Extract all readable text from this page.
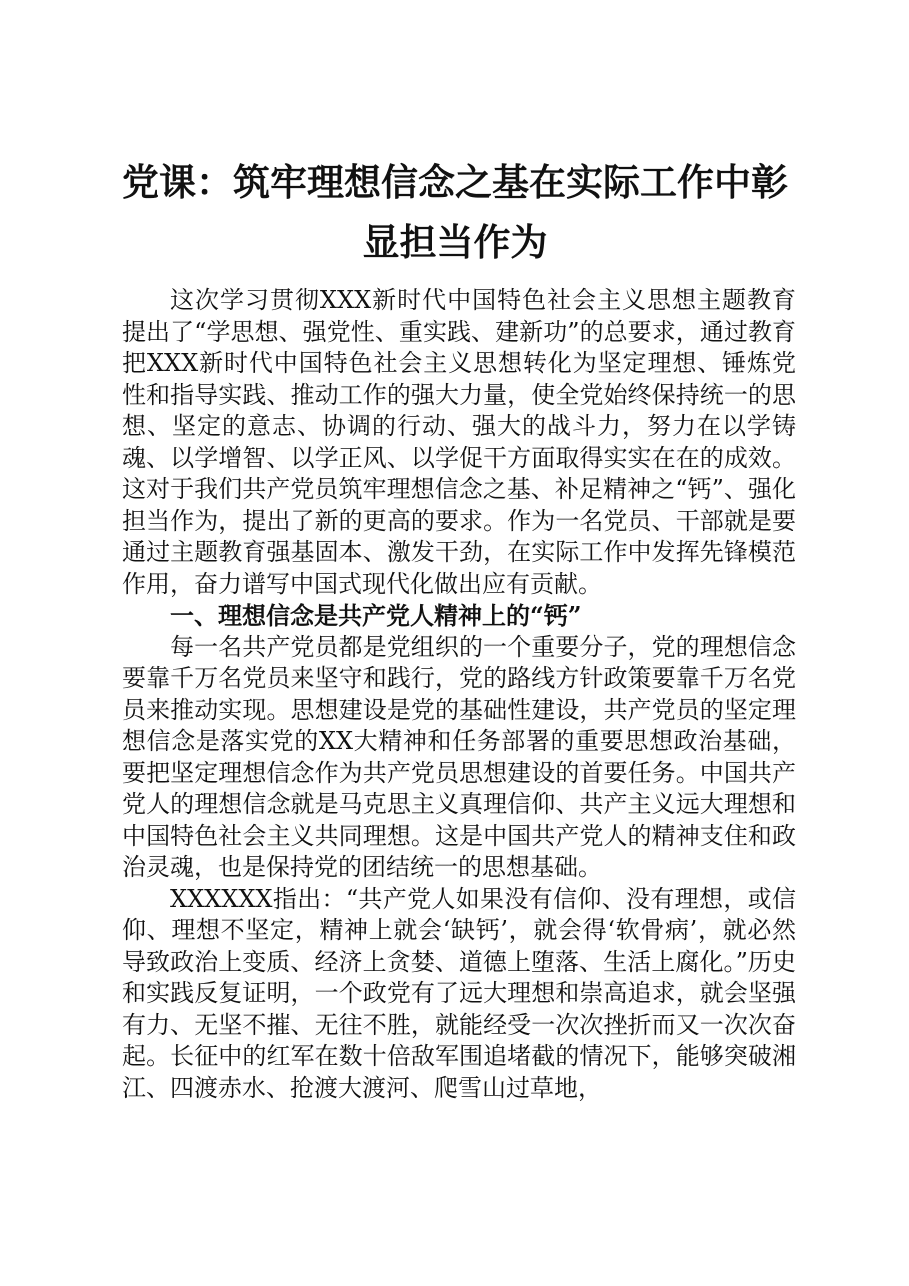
党课：筑牢理想信念之基在实际工作中彰显担当作为

这次学习贯彻XXX新时代中国特色社会主义思想主题教育提出了“学思想、强党性、重实践、建新功”的总要求，通过教育把XXX新时代中国特色社会主义思想转化为坚定理想、锤炼党性和指导实践、推动工作的强大力量，使全党始终保持统一的思想、坚定的意志、协调的行动、强大的战斗力，努力在以学铸魂、以学增智、以学正风、以学促干方面取得实实在在的成效。这对于我们共产党员筑牢理想信念之基、补足精神之“钙”、强化担当作为，提出了新的更高的要求。作为一名党员、干部就是要通过主题教育强基固本、激发干劲，在实际工作中发挥先锋模范作用，奋力谱写中国式现代化做出应有贡献。

一、理想信念是共产党人精神上的“钙”

每一名共产党员都是党组织的一个重要分子，党的理想信念要靠千万名党员来坚守和践行，党的路线方针政策要靠千万名党员来推动实现。思想建设是党的基础性建设，共产党员的坚定理想信念是落实党的XX大精神和任务部署的重要思想政治基础，要把坚定理想信念作为共产党员思想建设的首要任务。中国共产党人的理想信念就是马克思主义真理信仰、共产主义远大理想和中国特色社会主义共同理想。这是中国共产党人的精神支住和政治灵魂，也是保持党的团结统一的思想基础。

XXXXXX指出：“共产党人如果没有信仰、没有理想，或信仰、理想不坚定，精神上就会‘缺钙’，就会得‘软骨病’，就必然导致政治上变质、经济上贪婪、道德上堕落、生活上腐化。”历史和实践反复证明，一个政党有了远大理想和崇高追求，就会坚强有力、无坚不摧、无往不胜，就能经受一次次挫折而又一次次奋起。长征中的红军在数十倍敌军围追堵截的情况下，能够突破湘江、四渡赤水、抢渡大渡河、爬雪山过草地，
